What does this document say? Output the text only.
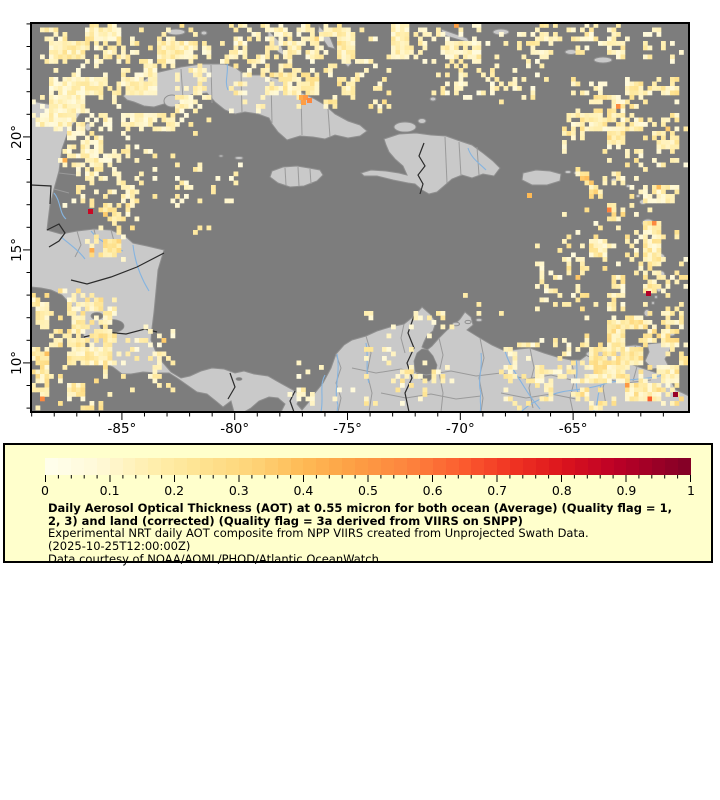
-85°	-80°	-75°	-70°	-65°
20°
15°
10°
0	0.1	0.2	0.3	0.4	0.5	0.6	0.7	0.8	0.9	1
Daily Aerosol Optical Thickness (AOT) at 0.55 micron for both ocean (Average) (Quality flag = 1,
2, 3) and land (corrected) (Quality flag = 3a derived from VIIRS on SNPP)
Experimental NRT daily AOT composite from NPP VIIRS created from Unprojected Swath Data.
(2025-10-25T12:00:00Z)
Data courtesy of NOAA/AOML/PHOD/Atlantic OceanWatch
